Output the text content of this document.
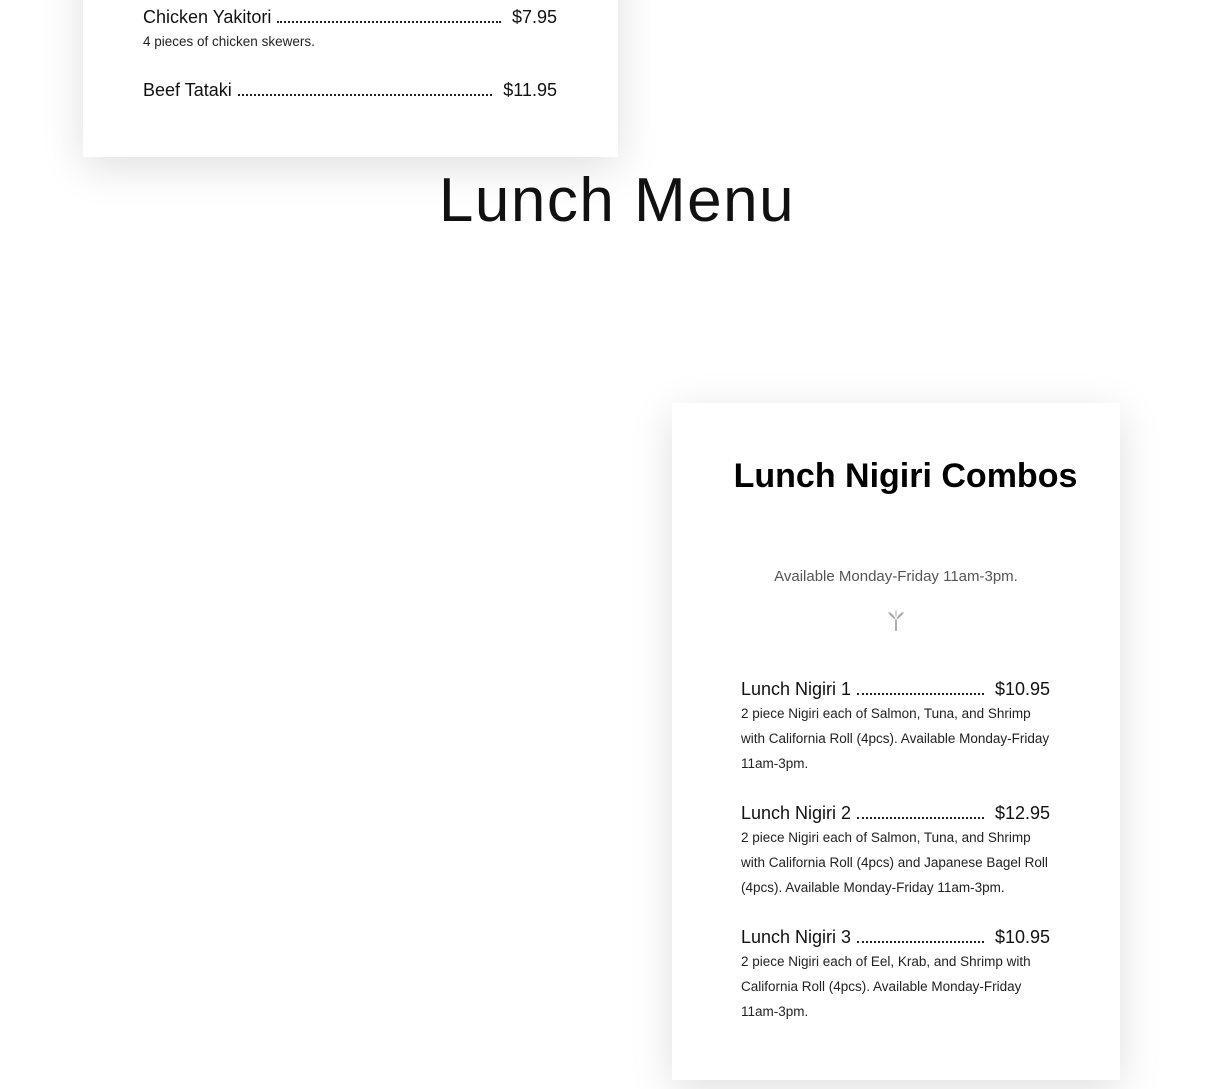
Chicken Yakitori	$7.95
4 pieces of chicken skewers.
Beef Tataki	$11.95
Lunch Menu
Lunch Nigiri Combos
Available Monday-Friday 11am-3pm.
Lunch Nigiri 1	$10.95
2 piece Nigiri each of Salmon, Tuna, and Shrimp with California Roll (4pcs). Available Monday-Friday 11am-3pm.
Lunch Nigiri 2	$12.95
2 piece Nigiri each of Salmon, Tuna, and Shrimp with California Roll (4pcs) and Japanese Bagel Roll (4pcs). Available Monday-Friday 11am-3pm.
Lunch Nigiri 3	$10.95
2 piece Nigiri each of Eel, Krab, and Shrimp with California Roll (4pcs). Available Monday-Friday 11am-3pm.
